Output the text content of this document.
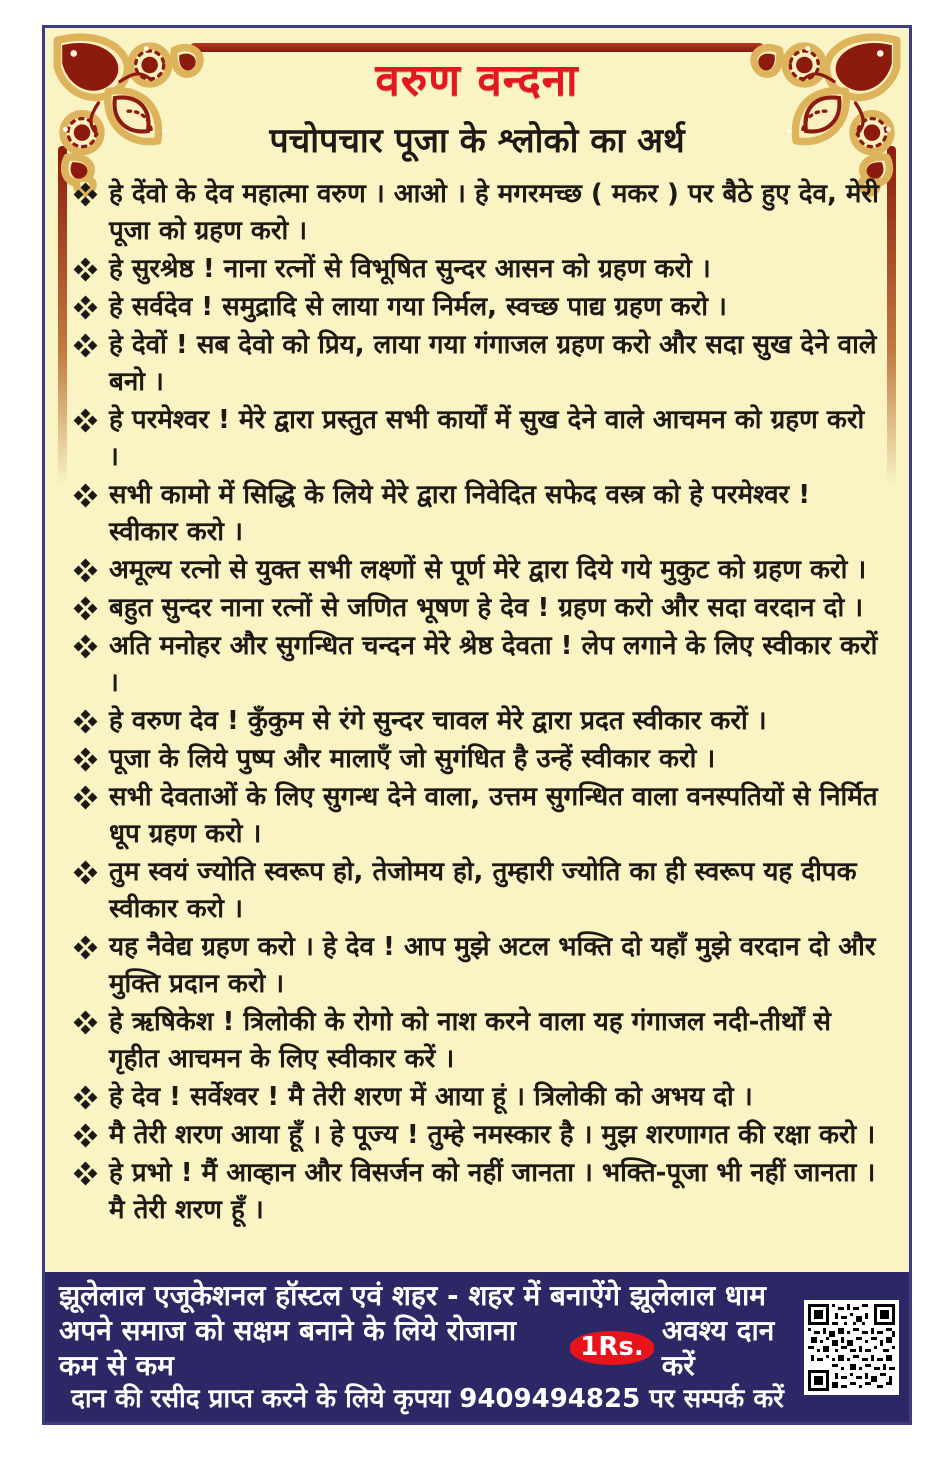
वरुण वन्दना
पचोपचार पूजा के श्लोको का अर्थ
हे देंवो के देव महात्मा वरुण । आओ । हे मगरमच्छ ( मकर ) पर बैठे हुए देव, मेरी पूजा को ग्रहण करो ।
हे सुरश्रेष्ठ ! नाना रत्नों से विभूषित सुन्दर आसन को ग्रहण करो ।
हे सर्वदेव ! समुद्रादि से लाया गया निर्मल, स्वच्छ पाद्य ग्रहण करो ।
हे देवों ! सब देवो को प्रिय, लाया गया गंगाजल ग्रहण करो और सदा सुख देने वाले बनो ।
हे परमेश्वर ! मेरे द्वारा प्रस्तुत सभी कार्यों में सुख देने वाले आचमन को ग्रहण करो ।
सभी कामो में सिद्धि के लिये मेरे द्वारा निवेदित सफेद वस्त्र को हे परमेश्वर ! स्वीकार करो ।
अमूल्य रत्नो से युक्त सभी लक्ष्णों से पूर्ण मेरे द्वारा दिये गये मुकुट को ग्रहण करो ।
बहुत सुन्दर नाना रत्नों से जणित भूषण हे देव ! ग्रहण करो और सदा वरदान दो ।
अति मनोहर और सुगन्धित चन्दन मेरे श्रेष्ठ देवता ! लेप लगाने के लिए स्वीकार करों ।
हे वरुण देव ! कुँकुम से रंगे सुन्दर चावल मेरे द्वारा प्रदत स्वीकार करों ।
पूजा के लिये पुष्प और मालाएँ जो सुगंधित है उन्हें स्वीकार करो ।
सभी देवताओं के लिए सुगन्ध देने वाला, उत्तम सुगन्धित वाला वनस्पतियों से निर्मित धूप ग्रहण करो ।
तुम स्वयं ज्योति स्वरूप हो, तेजोमय हो, तुम्हारी ज्योति का ही स्वरूप यह दीपक स्वीकार करो ।
यह नैवेद्य ग्रहण करो । हे देव ! आप मुझे अटल भक्ति दो यहाँ मुझे वरदान दो और मुक्ति प्रदान करो ।
हे ऋषिकेश ! त्रिलोकी के रोगो को नाश करने वाला यह गंगाजल नदी-तीर्थों से गृहीत आचमन के लिए स्वीकार करें ।
हे देव ! सर्वेश्वर ! मै तेरी शरण में आया हूं । त्रिलोकी को अभय दो ।
मै तेरी शरण आया हूँ । हे पूज्य ! तुम्हे नमस्कार है । मुझ शरणागत की रक्षा करो ।
हे प्रभो ! मैं आव्हान और विसर्जन को नहीं जानता । भक्ति-पूजा भी नहीं जानता । मै तेरी शरण हूँ ।
झूलेलाल एजूकेशनल हॉस्टल एवं शहर - शहर में बनाऐंगे झूलेलाल धाम
अपने समाज को सक्षम बनाने के लिये रोजाना कम से कम
1Rs. अवश्य दान करें
दान की रसीद प्राप्त करने के लिये कृपया 9409494825 पर सम्पर्क करें
